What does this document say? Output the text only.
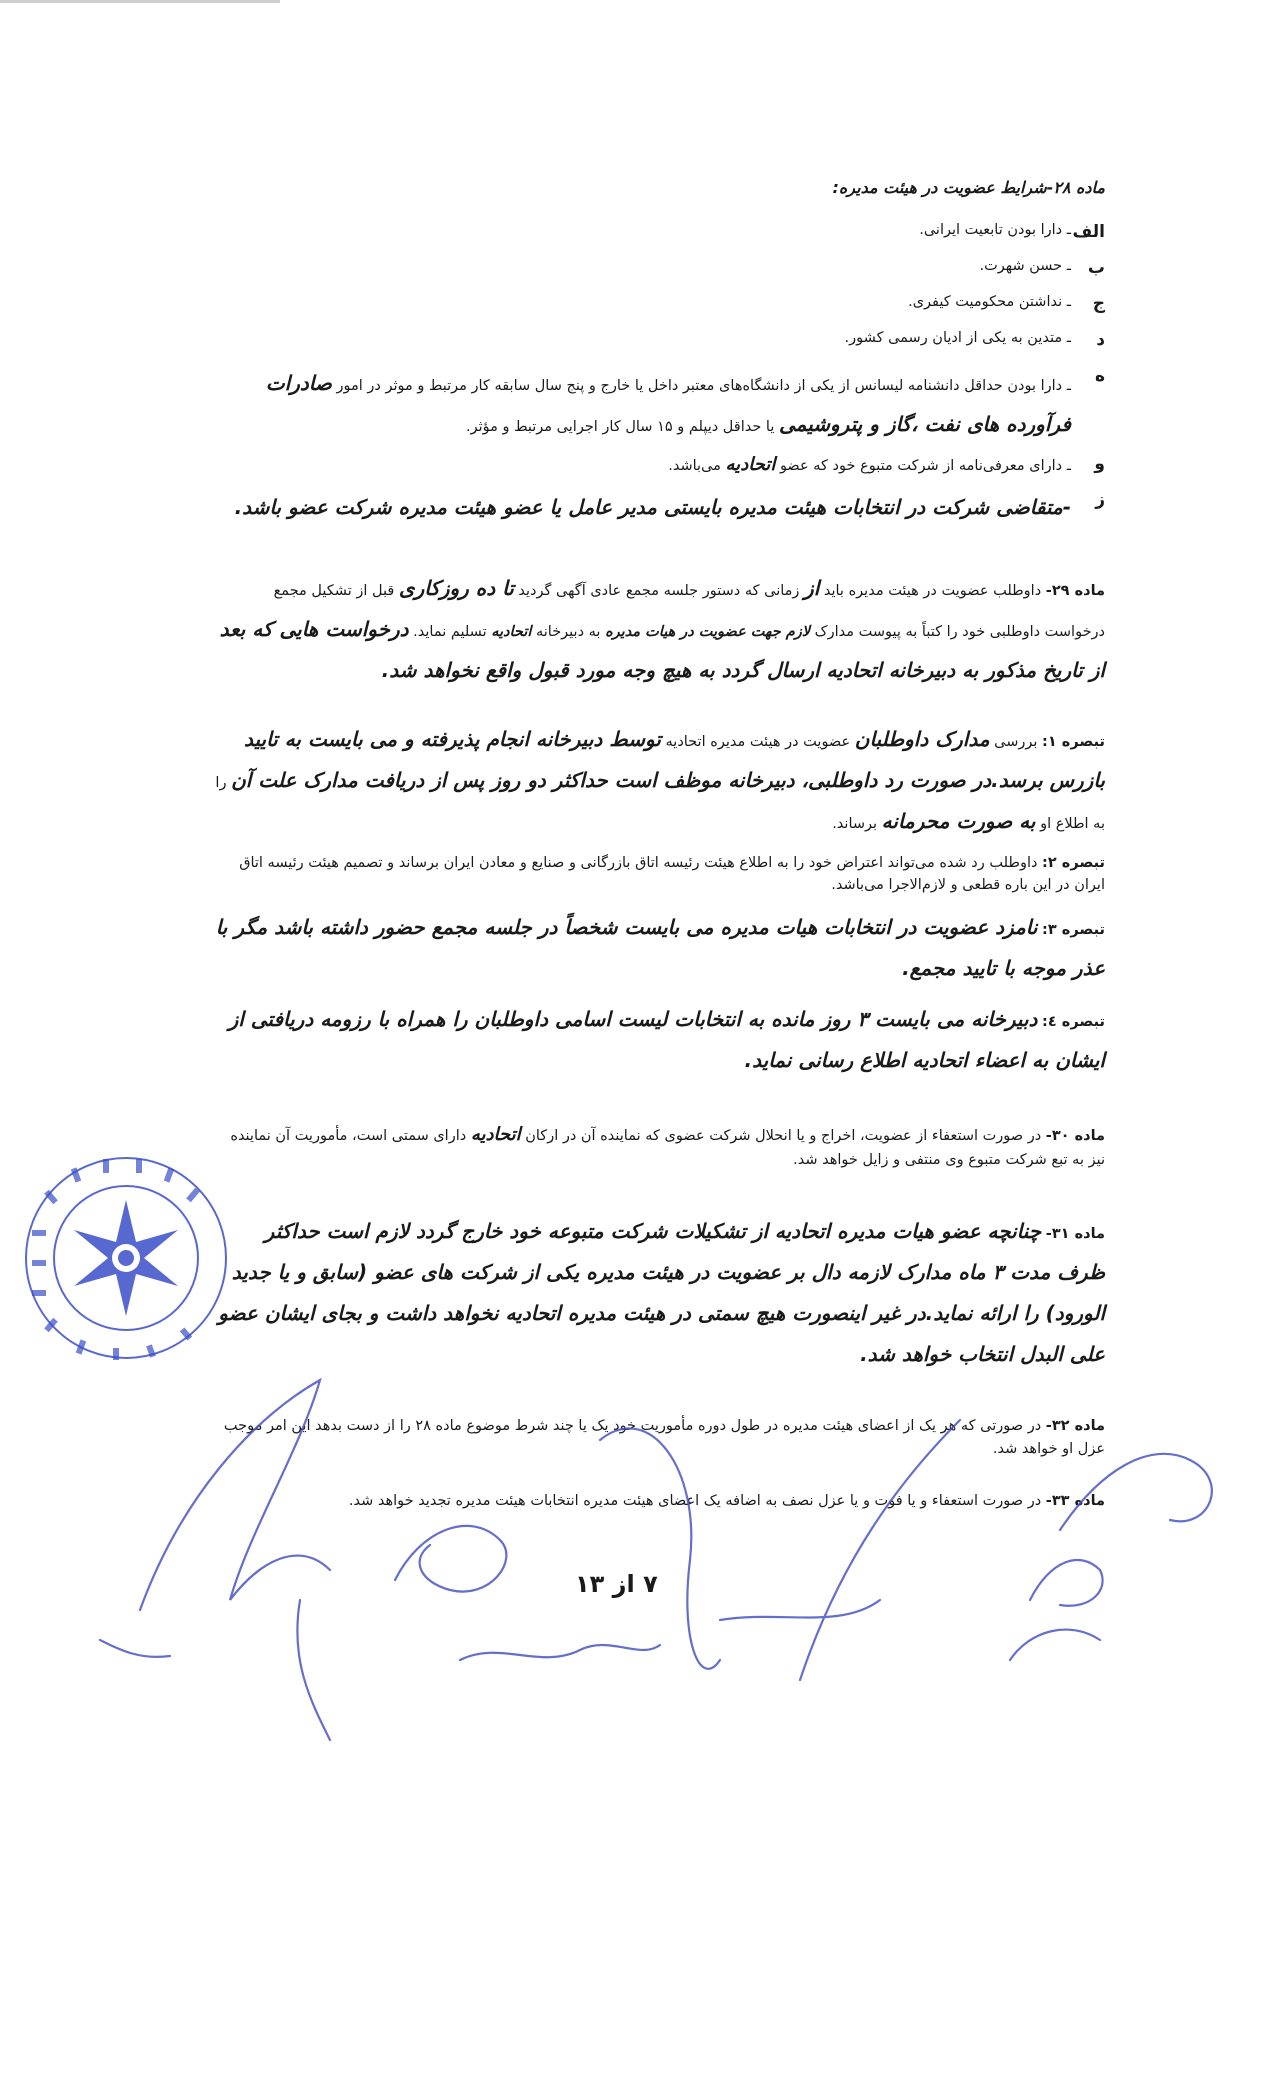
ماده ۲۸-شرایط عضویت در هیئت مدیره:
الف
ـ دارا بودن تابعیت ایرانی.
ب
ـ حسن شهرت.
ج
ـ نداشتن محکومیت کیفری.
د
ـ متدین به یکی از ادیان رسمی کشور.
ه
ـ دارا بودن حداقل دانشنامه لیسانس از یکی از دانشگاه‌های معتبر داخل یا خارج و پنج سال سابقه کار مرتبط و موثر در امور صادرات فرآورده های نفت ،گاز و پتروشیمی یا حداقل دیپلم و ۱۵ سال کار اجرایی مرتبط و مؤثر.
و
ـ دارای معرفی‌نامه از شرکت متبوع خود که عضو اتحادیه می‌باشد.
ز
-متقاضی شرکت در انتخابات هیئت مدیره بایستی مدیر عامل یا عضو هیئت مدیره شرکت عضو باشد.

ماده ۲۹- داوطلب عضویت در هیئت مدیره باید از زمانی که دستور جلسه مجمع عادی آگهی گردید تا ده روزکاری قبل از تشکیل مجمع درخواست داوطلبی خود را کتباً به پیوست مدارک لازم جهت عضویت در هیات مدیره به دبیرخانه اتحادیه تسلیم نماید. درخواست هایی که بعد از تاریخ مذکور به دبیرخانه اتحادیه ارسال گردد به هیچ وجه مورد قبول واقع نخواهد شد.

تبصره ۱: بررسی مدارک داوطلبان عضویت در هیئت مدیره اتحادیه توسط دبیرخانه انجام پذیرفته و می بایست به تایید بازرس برسد.در صورت رد داوطلبی، دبیرخانه موظف است حداکثر دو روز پس از دریافت مدارک علت آن را به اطلاع او به صورت محرمانه برساند.

تبصره ۲: داوطلب رد شده می‌تواند اعتراض خود را به اطلاع هیئت رئیسه اتاق بازرگانی و صنایع و معادن ایران برساند و تصمیم هیئت رئیسه اتاق ایران در این باره قطعی و لازم‌الاجرا می‌باشد.

تبصره ۳: نامزد عضویت در انتخابات هیات مدیره می بایست شخصاً در جلسه مجمع حضور داشته باشد مگر با عذر موجه با تایید مجمع.

تبصره ٤: دبیرخانه می بایست ۳ روز مانده به انتخابات لیست اسامی داوطلبان را همراه با رزومه دریافتی از ایشان به اعضاء اتحادیه اطلاع رسانی نماید.

ماده ۳۰- در صورت استعفاء از عضویت، اخراج و یا انحلال شرکت عضوی که نماینده آن در ارکان اتحادیه دارای سمتی است، مأموریت آن نماینده نیز به تبع شرکت متبوع وی منتفی و زایل خواهد شد.

ماده ۳۱- چنانچه عضو هیات مدیره اتحادیه از تشکیلات شرکت متبوعه خود خارج گردد لازم است حداکثر ظرف مدت ۳ ماه مدارک لازمه دال بر عضویت در هیئت مدیره یکی از شرکت های عضو (سابق و یا جدید الورود) را ارائه نماید.در غیر اینصورت هیچ سمتی در هیئت مدیره اتحادیه نخواهد داشت و بجای ایشان عضو علی البدل انتخاب خواهد شد.

ماده ۳۲- در صورتی که هر یک از اعضای هیئت مدیره در طول دوره مأموریت خود یک یا چند شرط موضوع ماده ۲۸ را از دست بدهد این امر موجب عزل او خواهد شد.

ماده ۳۳- در صورت استعفاء و یا فوت و یا عزل نصف به اضافه یک اعضای هیئت مدیره انتخابات هیئت مدیره تجدید خواهد شد.

۷ از ۱۳
